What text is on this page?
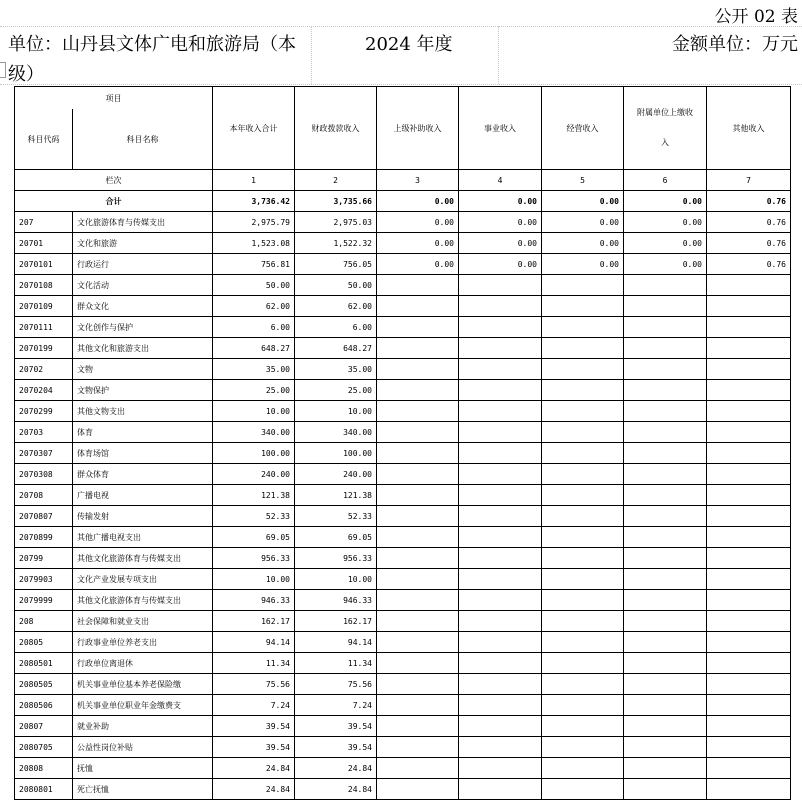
公开 02 表
单位：山丹县文体广电和旅游局（本
级）
2024 年度	金额单位：万元
项目		本年收入合计	财政拨款收入	上级补助收入	事业收入	经营收入	附属单位上缴收
入	其他收入
科目代码	科目名称							
栏次		1	2	3	4	5	6	7
合计		3,736.42	3,735.66	0.00	0.00	0.00	0.00	0.76
207	文化旅游体育与传媒支出	2,975.79	2,975.03	0.00	0.00	0.00	0.00	0.76
20701	文化和旅游	1,523.08	1,522.32	0.00	0.00	0.00	0.00	0.76
2070101	行政运行	756.81	756.05	0.00	0.00	0.00	0.00	0.76
2070108	文化活动	50.00	50.00					
2070109	群众文化	62.00	62.00					
2070111	文化创作与保护	6.00	6.00					
2070199	其他文化和旅游支出	648.27	648.27					
20702	文物	35.00	35.00					
2070204	文物保护	25.00	25.00					
2070299	其他文物支出	10.00	10.00					
20703	体育	340.00	340.00					
2070307	体育场馆	100.00	100.00					
2070308	群众体育	240.00	240.00					
20708	广播电视	121.38	121.38					
2070807	传输发射	52.33	52.33					
2070899	其他广播电视支出	69.05	69.05					
20799	其他文化旅游体育与传媒支出	956.33	956.33					
2079903	文化产业发展专项支出	10.00	10.00					
2079999	其他文化旅游体育与传媒支出	946.33	946.33					
208	社会保障和就业支出	162.17	162.17					
20805	行政事业单位养老支出	94.14	94.14					
2080501	行政单位离退休	11.34	11.34					
2080505	机关事业单位基本养老保险缴	75.56	75.56					
2080506	机关事业单位职业年金缴费支	7.24	7.24					
20807	就业补助	39.54	39.54					
2080705	公益性岗位补贴	39.54	39.54					
20808	抚恤	24.84	24.84					
2080801	死亡抚恤	24.84	24.84					
